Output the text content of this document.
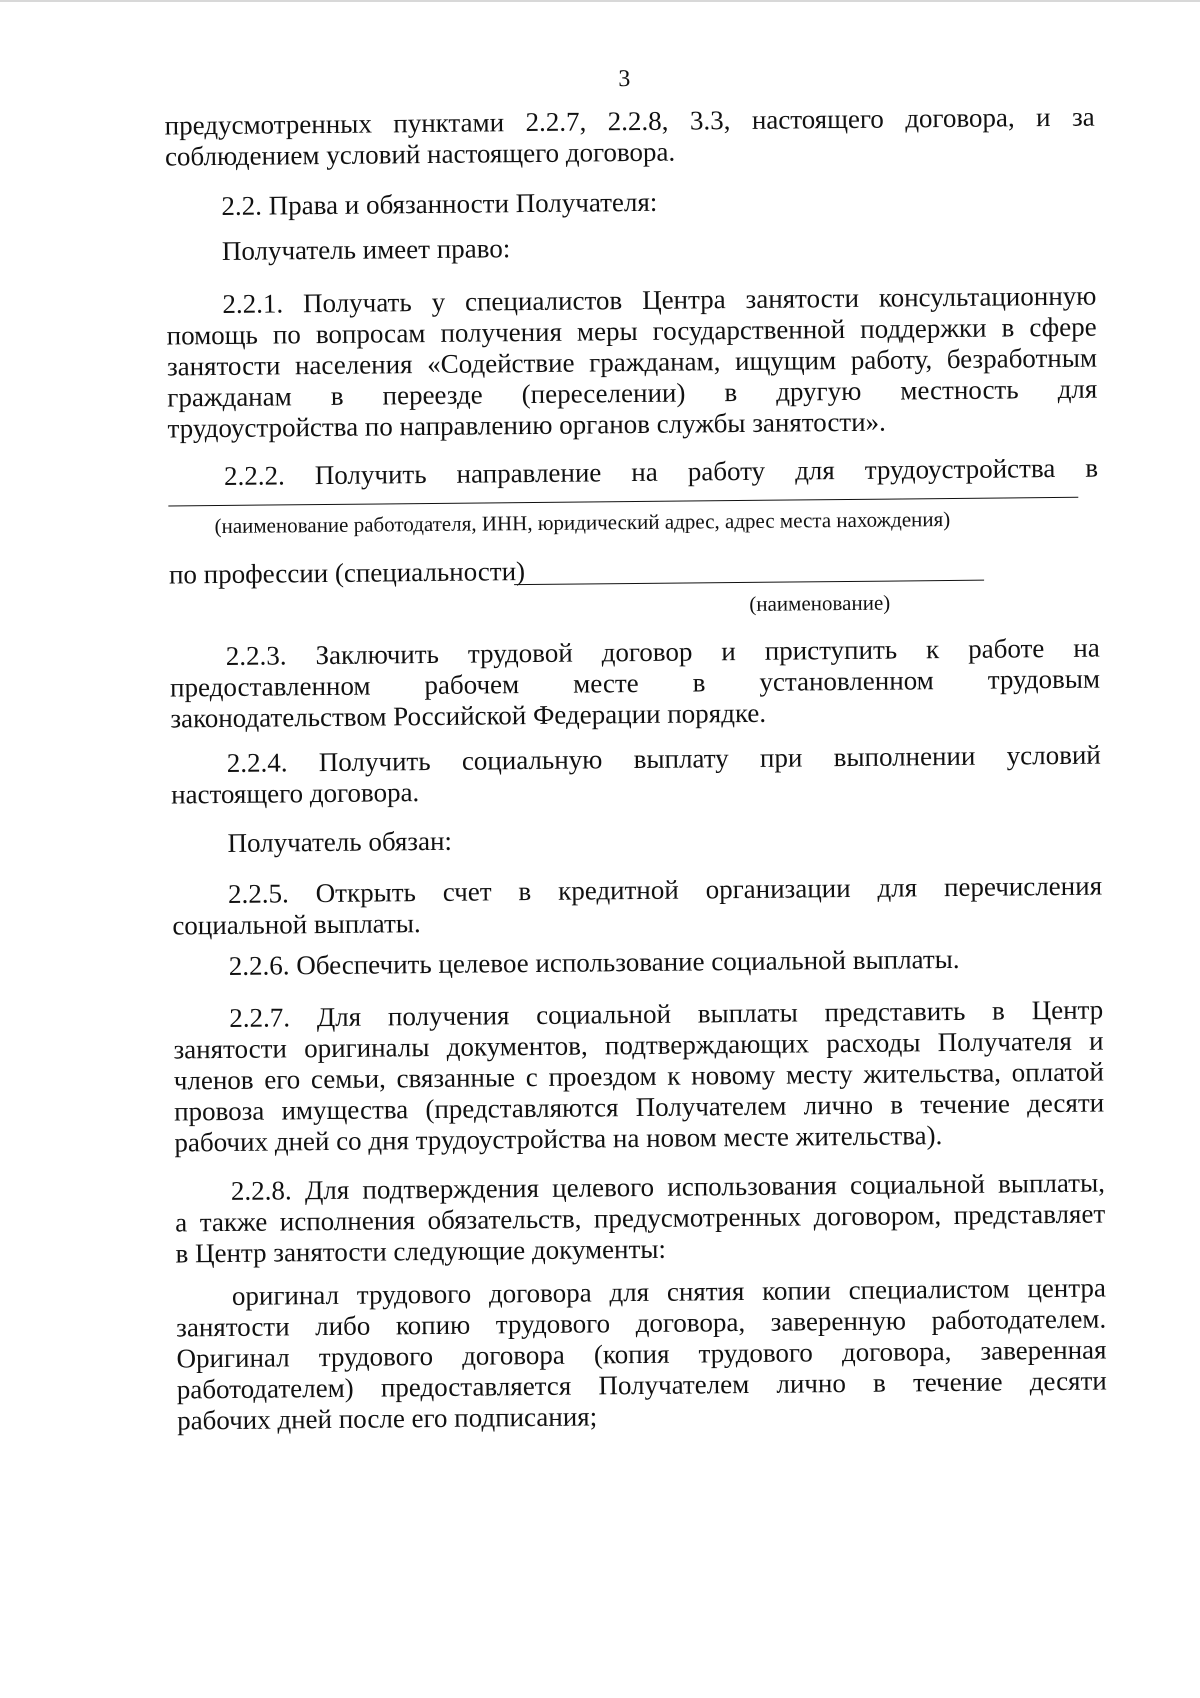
3
предусмотренных пунктами 2.2.7, 2.2.8, 3.3, настоящего договора, и за
соблюдением условий настоящего договора.
2.2. Права и обязанности Получателя:
Получатель имеет право:
2.2.1. Получать у специалистов Центра занятости консультационную
помощь по вопросам получения меры государственной поддержки в сфере
занятости населения «Содействие гражданам, ищущим работу, безработным
гражданам в переезде (переселении) в другую местность для
трудоустройства по направлению органов службы занятости».
2.2.2. Получить направление на работу для трудоустройства в
(наименование работодателя, ИНН, юридический адрес, адрес места нахождения)
по профессии (специальности)
(наименование)
2.2.3. Заключить трудовой договор и приступить к работе на
предоставленном рабочем месте в установленном трудовым
законодательством Российской Федерации порядке.
2.2.4. Получить социальную выплату при выполнении условий
настоящего договора.
Получатель обязан:
2.2.5. Открыть счет в кредитной организации для перечисления
социальной выплаты.
2.2.6. Обеспечить целевое использование социальной выплаты.
2.2.7. Для получения социальной выплаты представить в Центр
занятости оригиналы документов, подтверждающих расходы Получателя и
членов его семьи, связанные с проездом к новому месту жительства, оплатой
провоза имущества (представляются Получателем лично в течение десяти
рабочих дней со дня трудоустройства на новом месте жительства).
2.2.8. Для подтверждения целевого использования социальной выплаты,
а также исполнения обязательств, предусмотренных договором, представляет
в Центр занятости следующие документы:
оригинал трудового договора для снятия копии специалистом центра
занятости либо копию трудового договора, заверенную работодателем.
Оригинал трудового договора (копия трудового договора, заверенная
работодателем) предоставляется Получателем лично в течение десяти
рабочих дней после его подписания;
